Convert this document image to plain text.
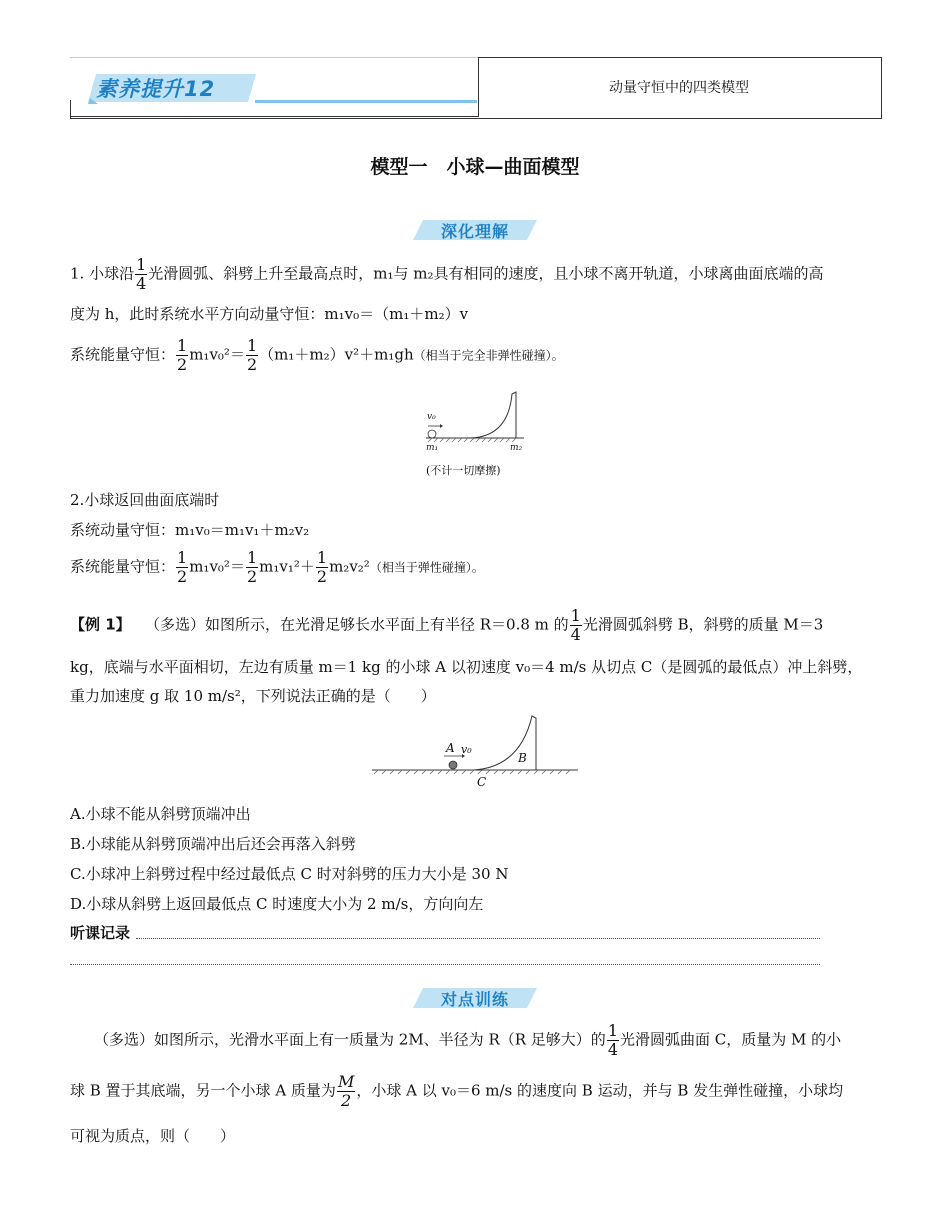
素养提升12	动量守恒中的四类模型
模型一　小球—曲面模型
深化理解
1. 小球沿 $\frac{1}{4}$ 光滑圆弧、斜劈上升至最高点时，m₁与 m₂具有相同的速度，且小球不离开轨道，小球离曲面底端的高
度为 h，此时系统水平方向动量守恒：m₁v₀＝（m₁＋m₂）v
系统能量守恒： $\frac{1}{2} m_1v_0^2= \frac{1}{2} (m_1+m_2)v^2+m_1gh$（相当于完全非弹性碰撞）。
v₀
m₁	m₂
(不计一切摩擦)
2.小球返回曲面底端时
系统动量守恒：m₁v₀＝m₁v₁＋m₂v₂
系统能量守恒： $\frac{1}{2} m_1v_0^2= \frac{1}{2} m_1v_1^2+ \frac{1}{2} m_2v_2^2$（相当于弹性碰撞）。
【例 1】 （多选）如图所示，在光滑足够长水平面上有半径 R＝0.8 m 的 $\frac{1}{4}$ 光滑圆弧斜劈 B，斜劈的质量 M＝3
kg，底端与水平面相切，左边有质量 m＝1 kg 的小球 A 以初速度 v₀＝4 m/s 从切点 C（是圆弧的最低点）冲上斜劈，
重力加速度 g 取 10 m/s²，下列说法正确的是（　　）
A v₀
B
C
A.小球不能从斜劈顶端冲出
B.小球能从斜劈顶端冲出后还会再落入斜劈
C.小球冲上斜劈过程中经过最低点 C 时对斜劈的压力大小是 30 N
D.小球从斜劈上返回最低点 C 时速度大小为 2 m/s，方向向左
听课记录
对点训练
（多选）如图所示，光滑水平面上有一质量为 2M、半径为 R（R 足够大）的 $\frac{1}{4}$ 光滑圆弧曲面 C，质量为 M 的小
球 B 置于其底端，另一个小球 A 质量为 $\frac{M}{2}$ ，小球 A 以 v₀＝6 m/s 的速度向 B 运动，并与 B 发生弹性碰撞，小球均
可视为质点，则（　　）
